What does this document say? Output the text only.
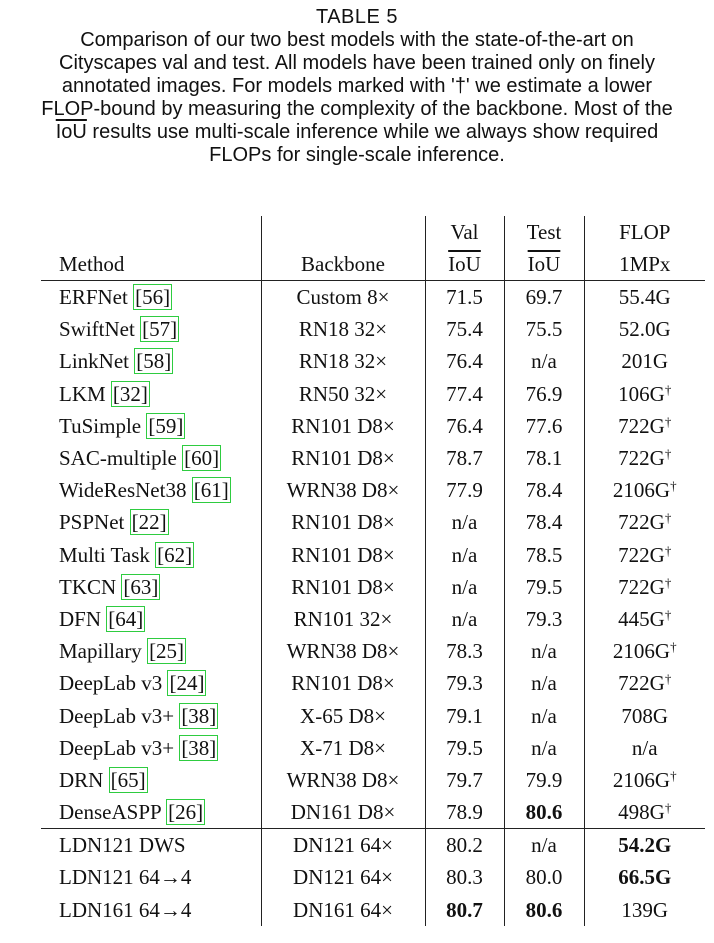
TABLE 5
Comparison of our two best models with the state-of-the-art on
Cityscapes val and test. All models have been trained only on finely
annotated images. For models marked with '†' we estimate a lower
FLOP-bound by measuring the complexity of the backbone. Most of the
$\overline{IoU}$ results use multi-scale inference while we always show required
FLOPs for single-scale inference.
		Val	Test	FLOP
Method	Backbone	$\overline{IoU}$	$\overline{IoU}$	1MPx
ERFNet [56]	Custom 8×	71.5	69.7	55.4G
SwiftNet [57]	RN18 32×	75.4	75.5	52.0G
LinkNet [58]	RN18 32×	76.4	n/a	201G
LKM [32]	RN50 32×	77.4	76.9	106G†
TuSimple [59]	RN101 D8×	76.4	77.6	722G†
SAC-multiple [60]	RN101 D8×	78.7	78.1	722G†
WideResNet38 [61]	WRN38 D8×	77.9	78.4	2106G†
PSPNet [22]	RN101 D8×	n/a	78.4	722G†
Multi Task [62]	RN101 D8×	n/a	78.5	722G†
TKCN [63]	RN101 D8×	n/a	79.5	722G†
DFN [64]	RN101 32×	n/a	79.3	445G†
Mapillary [25]	WRN38 D8×	78.3	n/a	2106G†
DeepLab v3 [24]	RN101 D8×	79.3	n/a	722G†
DeepLab v3+ [38]	X-65 D8×	79.1	n/a	708G
DeepLab v3+ [38]	X-71 D8×	79.5	n/a	n/a
DRN [65]	WRN38 D8×	79.7	79.9	2106G†
DenseASPP [26]	DN161 D8×	78.9	80.6	498G†
LDN121 DWS	DN121 64×	80.2	n/a	54.2G
LDN121 64→4	DN121 64×	80.3	80.0	66.5G
LDN161 64→4	DN161 64×	80.7	80.6	139G
